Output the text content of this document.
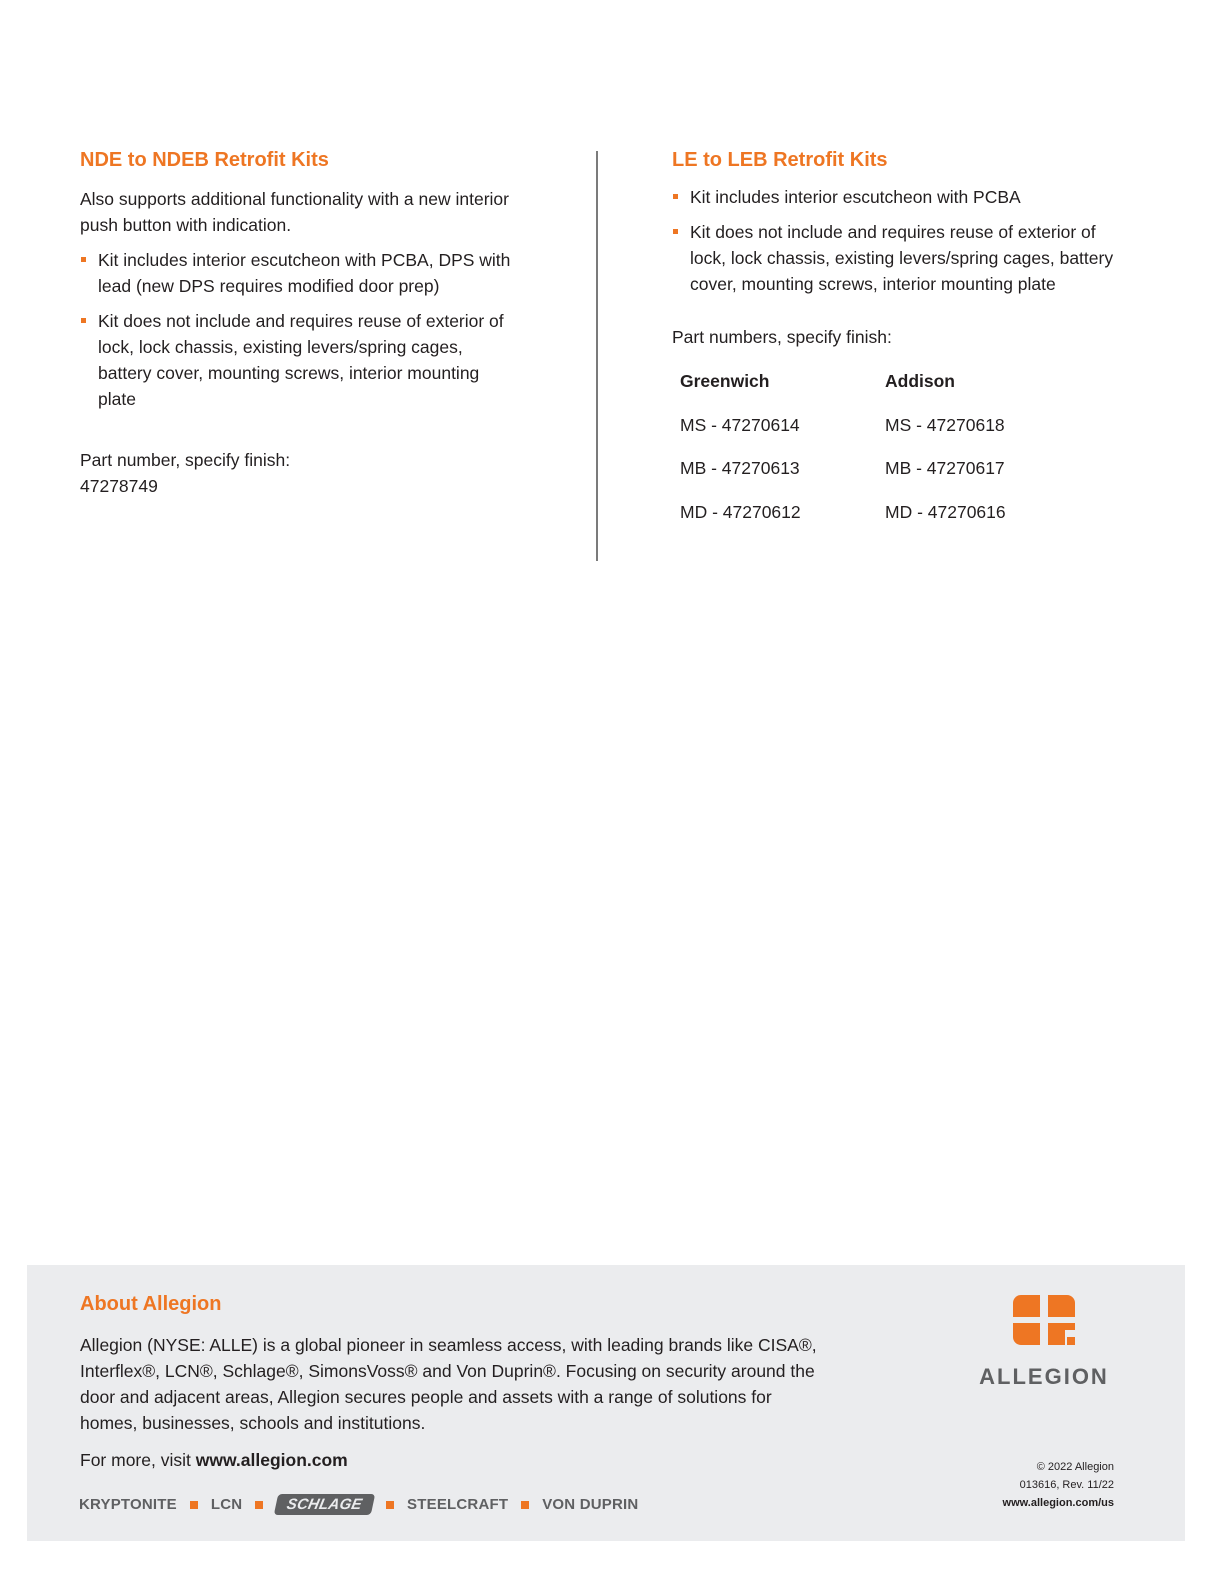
NDE to NDEB Retrofit Kits

Also supports additional functionality with a new interior push button with indication.

Kit includes interior escutcheon with PCBA, DPS with lead (new DPS requires modified door prep)
Kit does not include and requires reuse of exterior of lock, lock chassis, existing levers/spring cages, battery cover, mounting screws, interior mounting plate

Part number, specify finish:

47278749

LE to LEB Retrofit Kits
Kit includes interior escutcheon with PCBA
Kit does not include and requires reuse of exterior of lock, lock chassis, existing levers/spring cages, battery cover, mounting screws, interior mounting plate

Part numbers, specify finish:

Greenwich	Addison
MS - 47270614	MS - 47270618
MB - 47270613	MB - 47270617
MD - 47270612	MD - 47270616
About Allegion

Allegion (NYSE: ALLE) is a global pioneer in seamless access, with leading brands like CISA®, Interflex®, LCN®, Schlage®, SimonsVoss® and Von Duprin®. Focusing on security around the door and adjacent areas, Allegion secures people and assets with a range of solutions for homes, businesses, schools and institutions.

For more, visit www.allegion.com

KRYPTONITE LCN	SCHLAGE	STEELCRAFT VON DUPRIN
ALLEGION
© 2022 Allegion
013616, Rev. 11/22
www.allegion.com/us
